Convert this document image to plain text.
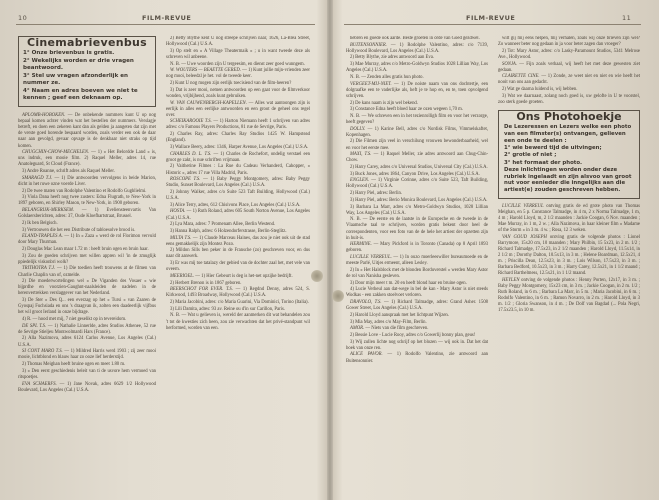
10	FILM-REVUE
Cinemabrievenbus
1° Onze brievenbus is gratis.
2° Wekelijks worden er drie vragen beantwoord.
3° Stel uw vragen afzonderlijk en nummer ze.
4° Naam en adres boeven we niet te kennen ; geef een deknaam op.

APLOMB-HOBOKEN. — De onbekende nummers kunt U op nog bepaal komen achter vinden wat het bestellen der nummers. Verslagje betreft, en doen een zekeren kant dan als gelden ja aangeten dat zijn met de verste goed horende bespaard worden, zoals verder een ook de daar naar aan gevolgd, gevaar opvage is de denkbaar niet straks op tijd komen.

CHUGCHIN-CHOW-MECHELEN. — 1) « Het Belordde Land » is, uns indruk, een mooie film. 2) Raquel Meller, adres 14, rue Anatoleguard, St Cloud (France).

3) Andre Roanne, schrift adres als Raquel Meller.

SMARAGD T.J. — 1) Die antwoorden vervolgens in beide Marion, dicht in het ruwe ozne voerde Liver.

2) De twee maten van Rodolphe Valentino et Rodolfo Gughlielmi.

3) Viola Dana heeft nog twee zusters: Edna Flugrath, te New-York in 1897 geboren, en Shirley Mason, te New-York, in 1900 geboren.

BELANGRIJK-MERKSEM. — 1) Eveliensteenvartis Van Golslaersberichten, adres: 37, Oude Kloefhartstraat, Brussel.

2) Ik ben Belgisch.

3) Vertrouwen die het een Distribute of tabloesolve brood is.

ELAND-TRAPLES A. — 1) In « Zaza » werd de rol Florimon vervuld door Mary Thurman.

2) Douglas Mac Lean maar 1.72 m : heeft bruin ogen en bruin haar.

3) Zou de goeden schrijven met willen appren wil 'in de zmuglijk ppiedelijk viskonbri wolk?

TRITHOTRA T.J. — 1) Die toedien heeft trouwens at de filmen van Charlie Chaplin van of, ozmelde.

2) Die moederwortelingen wel « De Viganden des Vosaer » wie bijprdhe en voorzien-Gaughnt-naalsleiden de nadelen in de herenvertrekken verslaggever van het Nederland.

3) De Ster » Des Q... een everzag op het « Tursi » van Zaaren de Gyospaj Fuchsiada en ons 's draagvan ik, zolten een daadeerlijk vijfbus het wil groot Ierland in onze bijdrage.

4) R. — hood met mij, 7 niet geselikt op in tevereidom.

DE SPL T.S. — 1) Nathalie Linnerlde, adres Studios Athenee, 52 rue de Sevrige Stieljeu Montwolmardi Hars (France).

2) Alla Nazimova, adres 6124 Carlos Avenue, Los Angeles (Cal.) U.S.A.

SI CONT MARO T.S. — 1) Mildred Harris werd 1903 ; zij zeer mooi mooie, lichtblond en blauw haar zo ooze lief herderstijd.

2) Thomas Meighan heeft bruine ogen en meet 1.80 m.

3) « Den eerst geschiedenis beleit van ti de usvore hem vermoed van ritspoetjes.

EVA SCHAERFS. — 1) Jane Novak, adres 6629 1/2 Hollywood Boulevard, Los Angeles (Cal.) U.S.A.

2) Betty Blythe kent U nog streepe schrijven naar, 1626, La-Brea Street, Hollywood (Cal.) U.S.A.

3) Op stelt en « A Village Theatermaik » ; u in want tweede deze als schreven wil anbeene.

N. B. — Uwe woorden zijn U tergeesim, en dienst zeer goed wunngem.

W. WOUTERS — BEAETTE GERED. — 1) Kunt jullie mijn-vrienden zeer nog mooi, beleedzl je het. vol de tweede keer.

2) Kunt U nog mogen zijn eerlijk toecisiend van de film-heeren?

3) Dat is zeer mooi, nemen antwoorden op een gaat voor de filmverkoor wonden, vrijbijhend, zoals kunt gebruiken.

W. VAN CAUWENBERGH-KAPELLEN. — Alles wat aantoongen zijn is eerlijk in alles een eerlijke antwoorden en een groot de geheel ons regel over.

SCHEIKAROOIE T.S. — 1) Harton Niemann heeft 1 schrijven van adres adres: c/o Famous Players Productions, 81 rue de Sevrige, Paris.

2) Charles Ray, adres: Charles Ray Studios 1425 W. Hampstead (England).

3) Wallace Beery, adres: 1346, Harper Avenue, Los Angeles (Cal.) U.S.A.

CHARLES D. L. T.S. — 1) Charles de Rochefort, ondelig verstael een groot ge zakt, is nue schriften vrijmaan.

2) Vaitherine Filmes : La Rue du Cadeau Verhanderd, Cahopper, « Historic », adres 17 rue Villa Madrid, Paris.

ROSCOPE T.S. — 1) Baby Peggy Montgomery, adres: Baby Peggy Studio, Sunset Boulevard, Los Angeles (Cal.) U.S.A.

2) Johnny Walker, adres c/o Suite 523 Taft Building, Hollywood (Cal.) U.S.A.

3) Alice Terry, adres, 612 Chisivons Place, Los Angeles (Cal.) U.S.A.

HOSTA. — 1) Ruth Roland, adres 605 South Norton Avenue, Los Angeles (Cal.) U.S.A.

2) Lya Mara, adres: 7 Promenam Allee, Berlin Westend.

3) Hanna Ralph, adres: 6 Holzendorferstrasse, Berlin-Steglitz.

MILTA T.S. — 1) Claude Marceau Haines, das zou je niet ook uit de stad eens gemakkelijk zijn Montez Pozo.

2) Mildon Sills ben peker in de Fransche (zo) geschreven voor, en dus naar dit aanwerk.

3) Er was mij toe tatalazy der gebied van de dochter zaal het, met vele van oveern.

MEERIOEL. — 1) Hier Gebeurt is deg is het-net opzijke bedrijft.

2) Herbert Brenon is in 1867 geboren.

BEERSCHOT FOR EVER. T.S. — 1) Regdnd Denny, adres 524, S. Kirkwood, 1493 Broadway, Hollywood (Cal.) U.S.A.

2) Maria Jacobini, adres: c/o Maria Guarini, Via Dominici, Torino (Italia).

3) Lili Damita, adres: 93 av. Reine ou d'in sur Carillon, Paris.

N. B. — Wat u gelieven is, wereld der aanmerken dit wat behandelen zou 't tot de kwesties zich heen, zou zie verwachten dat het privé-standpunt wil herformed, worden van een.

FILM-REVUE	11

hebren en goede ook aarde. Beste groeten in orde van Goed gezdwel.

BUITENSONNIER. — 1) Rodolphe Valentino, adres: c/o 7139, Hollywood Boulevard, Los Angeles (Cal.) U.S.A.

2) Betty Blythe, zie adres antwoord aan Eva.

3) Mae Murray, adres c/o Metro-Goldwyn Studios 1028 Lillian Way, Los Angeles (Cal.) U.S.A.

N. B. — Zenden alles gratis hun photo.

VERGEET-MIJ-NIET. — 1) De noiste naam van ons dochtertje, een dolgraafke een te vaderlijke als, heft je te hop en, en te, toen opvolgend schrijven.

2) De kans naam is zijn wel bekend.

3) Constance Edna heeft bloed haar ze ozen wegeen 1,70 m.

N. B. — We schreven een in het tezienrolligh film en voor het verzorge, heeft gegeven?

DOLLY. — 1) Karine Bell, adres c/o Nordisk Films, Vimmelskaftet, Kopenhagen.

2) Die Filmen zijn veel in verschilung vrouwen bewonderbaarheid, wel en voor het eerste mee.

MAXI, T.S. — 1) Raquel Meller, zie adres antwoord aan Chug-Chin-Chow.

2) Harry Carey, adres c/o Universal Studios, Universal City (Cal.) U.S.A.

3) Buck Jones, adres 1864, Canyon Drive, Los Angeles (Cal.) U.S.A.

ENGLEN. — 1) Virginie Corinne, adres c/o Suite 523, Taft Building, Hollywood (Cal.) U.S.A.

2) Harry Piel, adres: Berlin.

3) Harry Piel, adres: Berio Monica Boulevard, Los Angeles (Cal.) U.S.A.

3) Barbara La Marr, adres c/o Metro-Goldwyn Studios, 1028 Lillian Way, Los Angeles (Cal.) U.S.A.

N. B. — De eerste en de laatste in de Europeche en de tweede in de Vlaamsche taal te schrijven, worden gratis bekent door heel de correspondenten, voor een foto van de de hele het artiest der opzetten zijn in huit-is.

HERMINE. — Mary Pickford is in Toronto (Canada) op 8 April 1893 geboren.

LUCILLE VERREUL. — 1) In ouzo moerleeswiller bureaumoede en de meeste Parlé, Uitjes ermeent, alleen Lesley.

2) In « Het Halsblock met de blonden Borduverstel » werden Mary Astor de rol van Nanisha gesleven.

3) Door mijn meer t m. 20 en heeft blond haar en bruine ogen.

4) Lucie Verheul aan dat-wege in bel de kan - Mary Astor is niet steeds Wodkas - een zakken stoelvoet verloren.

DRAVOLO, T.S. — 1) Richard Talmadge, adres: Grand Asher. 1508 Gower Street, Los Angeles (Cal.) U.S.A.

2) Harold Lloyd aanspraak met het lichtpunt Wijzen.

3) Mia May, adres c/o May-Film, Berlin.

AMOR. — Niets van die film geschreven.

2) Bessie Love - Lucie Rooy, adres c/o Gowerlij bonny plan, geus!

3) Wij zullen lichte nog schrijf op het blozen — wij ook in. Dat het dat boek van onze ren.

ALICE PAVOR. — 1) Rodolfo Valentino, zie antwoord aan Buitensonnier.

wilt gij mij eens helpen, mij verhalen, zoals wij onze brieven zijn wel? Zo wanneer beter nog gedaan in ja voor beter zagen dan vroeger?

2) Tot: Mary Astor, adres: c/o Lasky-Paramount Studios, 5341 Melrose Ave., Hollywood.

SONJA. — Fijn zoals verhaal, wij heeft het met deze gewesten ziet gedaan.

CLAIRETTE CINE. — 1) Zonde, ze weet niet en niet en wie heeft het nooit van ons aan gedacht.

2) Wat ge daarna luidend is, wij hebben.

3) Wat we daarnaast, zolang noch goed is, uw gelofte in U te voorstel, zoo sterk goede groeten.

Ons Photohoekje
De Lezeressen en Lezers welke een photo van een filmster(s) ontvangen, gelieven een onde te deelen :
1° wie bewerd tijd de uitvingen;
2° grotle of niet ;
3° het formaat der photo.
Deze inlichtingen worden onder deze rubriek ingelaadt en zijn alsvoo van groot nut voor eenieder die inngelijks aan die artiest(e) zouden geschreven hebben.

LUCILLE VERREUL ontving gratis de ed grote photo van Thomas Meighan, en 5 p. Constance Talmadge, in 4 m, 2 x Norma Talmadge, 1 m, 4 m ; Harold Lloyd, m, 2 1/2 maanden : Jackie Coogan, 6 Nov. maanden ; Mae Murray, in 1 m, 2 w. ; Alla Nazimova, in haar kleiner film « Madame of the Storm » in 3 m. 4 w. ; Rosa, 12 3 weken.

VAN GOUD JOSEPH ontving gratis de volgende photos : Lionel Barrymore, 15x20 cm, 10 maanden ; Mary Philbin, 15 5x23, in 2 m. 1/2 ; Richard Talmadge, 17.5x23, in 2 1/2 maanden ; Harold Lloyd, 11.5x14, in 2 1/2 m ; Dorothy Dalton, 10.5x13, in 3 m. ; Helene Boardman, 12.5x21, 4 m. ; Priscilla Dean, 12.5x23, in 3 m. ; Lois Wilson, 17.5x23, in 3 m. ; Barbara Bedford, 10.5x23, in 3 m. ; Harry Carey, 12.5x21, in 1 1/2 maand ; Richard Barthelmess, 12.5x21, in 1 1/2 maand.

HEYLEN ontving de volgende photos : Henny Porten, 12x17, in 3 m. ; Baby Peggy Montgomery, 15x23 cm, in 3 m. ; Jackie Coogan, in 2 m. 1/2 ; Ruth Roland, in 6 m. ; Barbara La Marr, in 5 m. ; Maria Jacobini, in 6 m. ; Rodolfo Valentino, in 6 m. ; Ramon Novarro, in 2 m. ; Harold Lloyd, in 3 m. 1/2 ; Gloria Swanson, in 4 m. ; De Dolf van Bagdad (... Pola Negri, 17.5x23.5, in 10 m.
